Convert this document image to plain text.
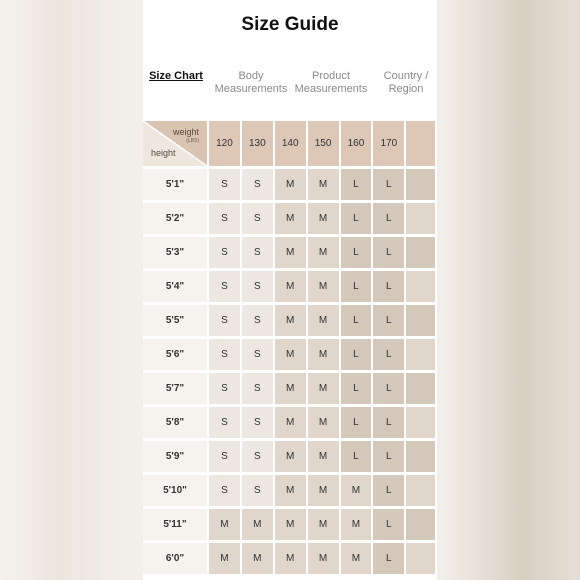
Size Guide
Size Chart	Body
Measurements
Product
Measurements
Country /
Region
weight
(LBS)
height	120	130	140	150	160	170	
5'1"	S	S	M	M	L	L	
5'2"	S	S	M	M	L	L	
5'3"	S	S	M	M	L	L	
5'4"	S	S	M	M	L	L	
5'5"	S	S	M	M	L	L	
5'6"	S	S	M	M	L	L	
5'7"	S	S	M	M	L	L	
5'8"	S	S	M	M	L	L	
5'9"	S	S	M	M	L	L	
5'10"	S	S	M	M	M	L	
5'11"	M	M	M	M	M	L	
6'0"	M	M	M	M	M	L	
